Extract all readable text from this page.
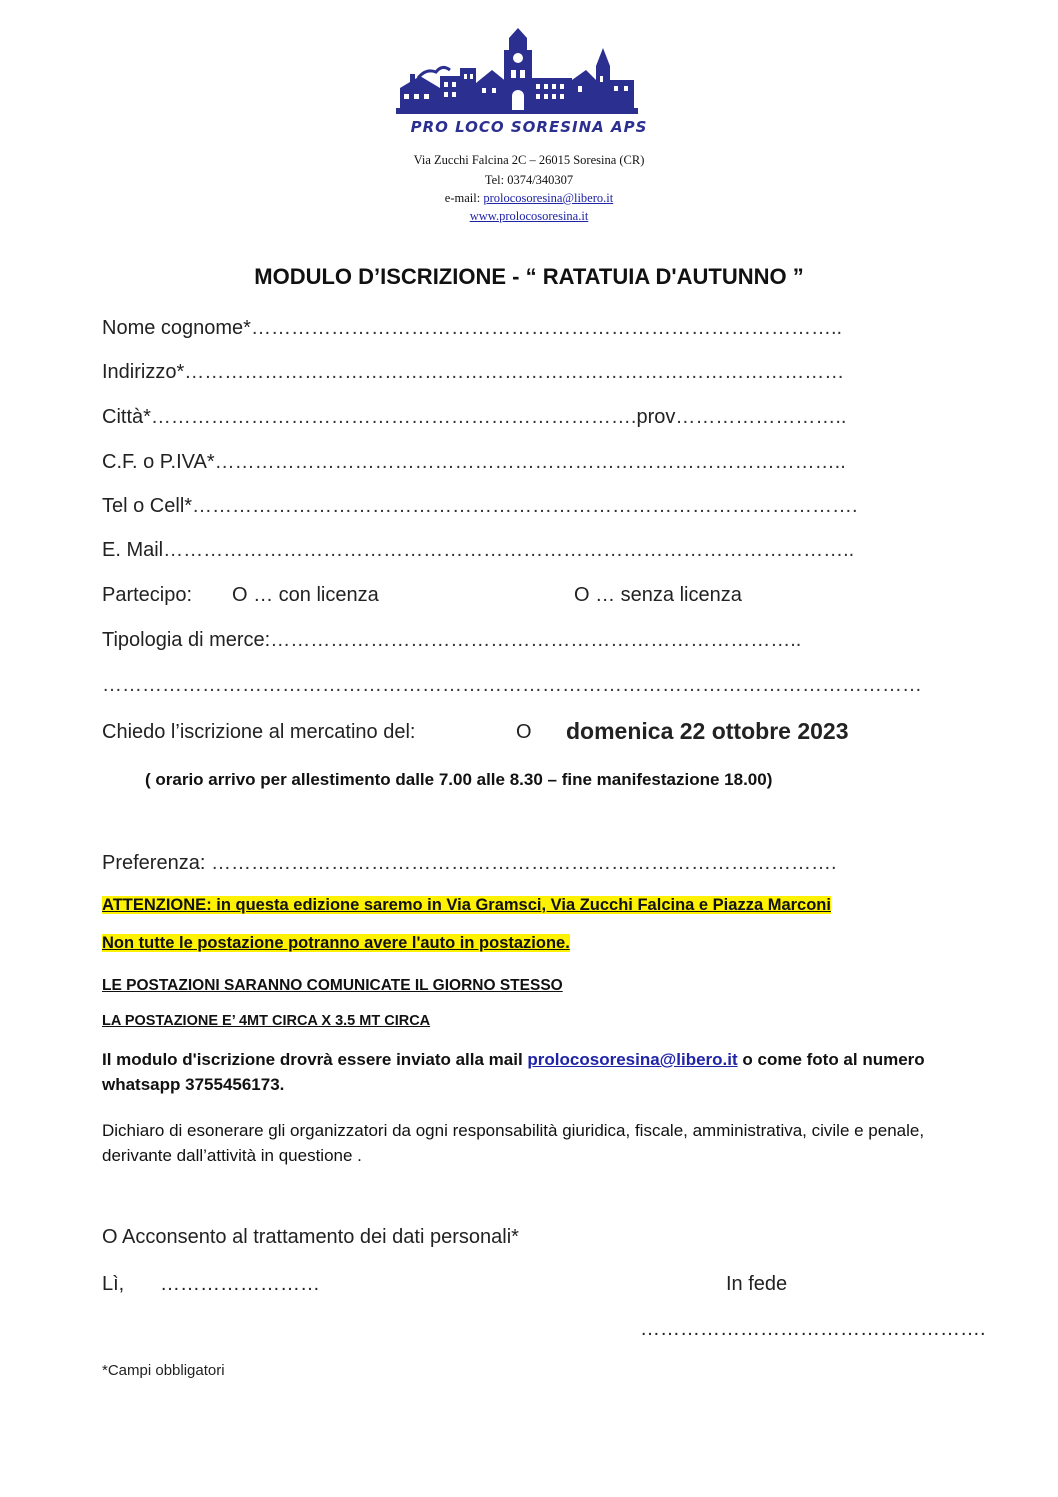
PRO LOCO SORESINA APS
Via Zucchi Falcina 2C – 26015 Soresina (CR)
Tel: 0374/340307
e-mail: prolocosoresina@libero.it
www.prolocosoresina.it
MODULO D’ISCRIZIONE - “ RATATUIA D'AUTUNNO ”
Nome cognome*……………………………………………………………………………..
Indirizzo*………………………………………………………………………………………
Città*……………………………………………………………….prov……………………..
C.F. o P.IVA*…………………………………………………………………………………..
Tel o Cell*……………………………………………………………………………………….
E. Mail…………………………………………………………………………………………..
Partecipo: O … con licenza	O … senza licenza
Tipologia di merce:……………………………………………………………………..
……………………………………………………………………………………………………………
Chiedo l’iscrizione al mercatino del:	O domenica 22 ottobre 2023
( orario arrivo per allestimento dalle 7.00 alle 8.30 – fine manifestazione 18.00)
Preferenza: ………………………………………………………………………………….
ATTENZIONE: in questa edizione saremo in Via Gramsci, Via Zucchi Falcina e Piazza Marconi
Non tutte le postazione potranno avere l'auto in postazione.
LE POSTAZIONI SARANNO COMUNICATE IL GIORNO STESSO
LA POSTAZIONE E’ 4MT CIRCA X 3.5 MT CIRCA
Il modulo d'iscrizione drovrà essere inviato alla mail prolocosoresina@libero.it o come foto al numero whatsapp 3755456173.
Dichiaro di esonerare gli organizzatori da ogni responsabilità giuridica, fiscale, amministrativa, civile e penale, derivante dall’attività in questione .
O Acconsento al trattamento dei dati personali*
Lì, ……………………	In fede
…………………………………………….
*Campi obbligatori
